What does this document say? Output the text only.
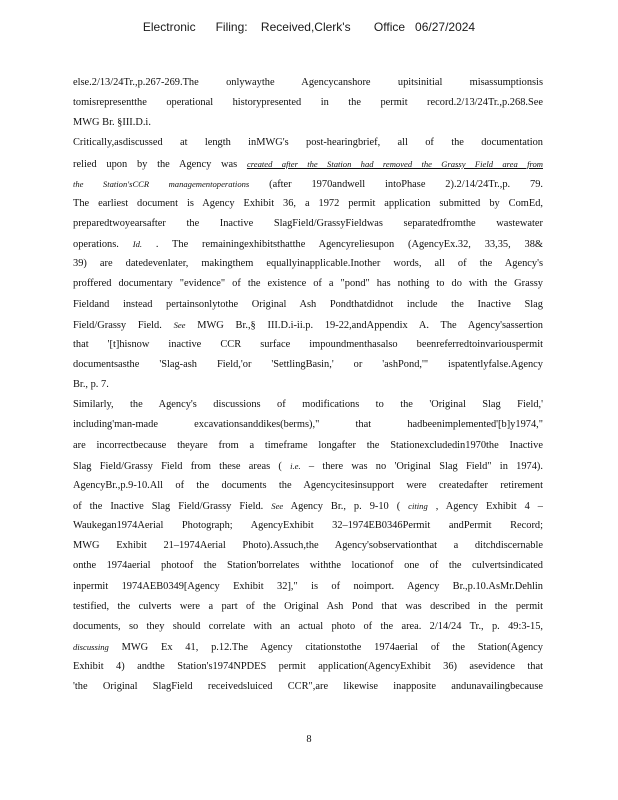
Electronic      Filing:    Received,Clerk's       Office   06/27/2024
else.2/13/24Tr.,p.267-269.The onlywaythe Agencycanshore upitsinitial misassumptionsis
tomisrepresentthe operational historypresented in the permit record.2/13/24Tr.,p.268.See
MWG Br. §III.D.i.
Critically,asdiscussed at length inMWG's post-hearingbrief, all of the documentation
relied upon by the Agency was created after the Station had removed the Grassy Field area from
the Station'sCCR managementoperations (after 1970andwell intoPhase 2).2/14/24Tr.,p. 79.
The earliest document is Agency Exhibit 36, a 1972 permit application submitted by ComEd,
preparedtwoyearsafter the Inactive SlagField/GrassyFieldwas separatedfromthe wastewater
operations. Id. . The remainingexhibitsthatthe Agencyreliesupon (AgencyEx.32, 33,35, 38&
39) are datedevenlater, makingthem equallyinapplicable.Inother words, all of the Agency's
proffered documentary "evidence" of the existence of a "pond" has nothing to do with the Grassy
Fieldand instead pertainsonlytothe Original Ash Pondthatdidnot include the Inactive Slag
Field/Grassy Field. See MWG Br.,§ III.D.i-ii.p. 19-22,andAppendix A. The Agency'sassertion
that '[t]hisnow inactive CCR surface impoundmenthasalso beenreferredtoinvariouspermit
documentsasthe 'Slag-ash Field,'or 'SettlingBasin,' or 'ashPond,'" ispatentlyfalse.Agency
Br., p. 7.
Similarly, the Agency's discussions of modifications to the 'Original Slag Field,'
including'man-made excavationsanddikes(berms)," that hadbeenimplemented'[b]y1974,"
are incorrectbecause theyare from a timeframe longafter the Stationexcludedin1970the Inactive
Slag Field/Grassy Field from these areas ( i.e. – there was no 'Original Slag Field" in 1974).
AgencyBr.,p.9-10.All of the documents the Agencycitesinsupport were createdafter retirement
of the Inactive Slag Field/Grassy Field. See Agency Br., p. 9-10 ( citing , Agency Exhibit 4 –
Waukegan1974Aerial Photograph; AgencyExhibit 32–1974EB0346Permit andPermit Record;
MWG Exhibit 21–1974Aerial Photo).Assuch,the Agency'sobservationthat a ditchdiscernable
onthe 1974aerial photoof the Station'borrelates withthe locationof one of the culvertsindicated
inpermit 1974AEB0349[Agency Exhibit 32]," is of noimport. Agency Br.,p.10.AsMr.Dehlin
testified, the culverts were a part of the Original Ash Pond that was described in the permit
documents, so they should correlate with an actual photo of the area. 2/14/24 Tr., p. 49:3-15,
discussing MWG Ex 41, p.12.The Agency citationstothe 1974aerial of the Station(Agency
Exhibit 4) andthe Station's1974NPDES permit application(AgencyExhibit 36) asevidence that
'the Original SlagField receivedsluiced CCR",are likewise inapposite andunavailingbecause
8
